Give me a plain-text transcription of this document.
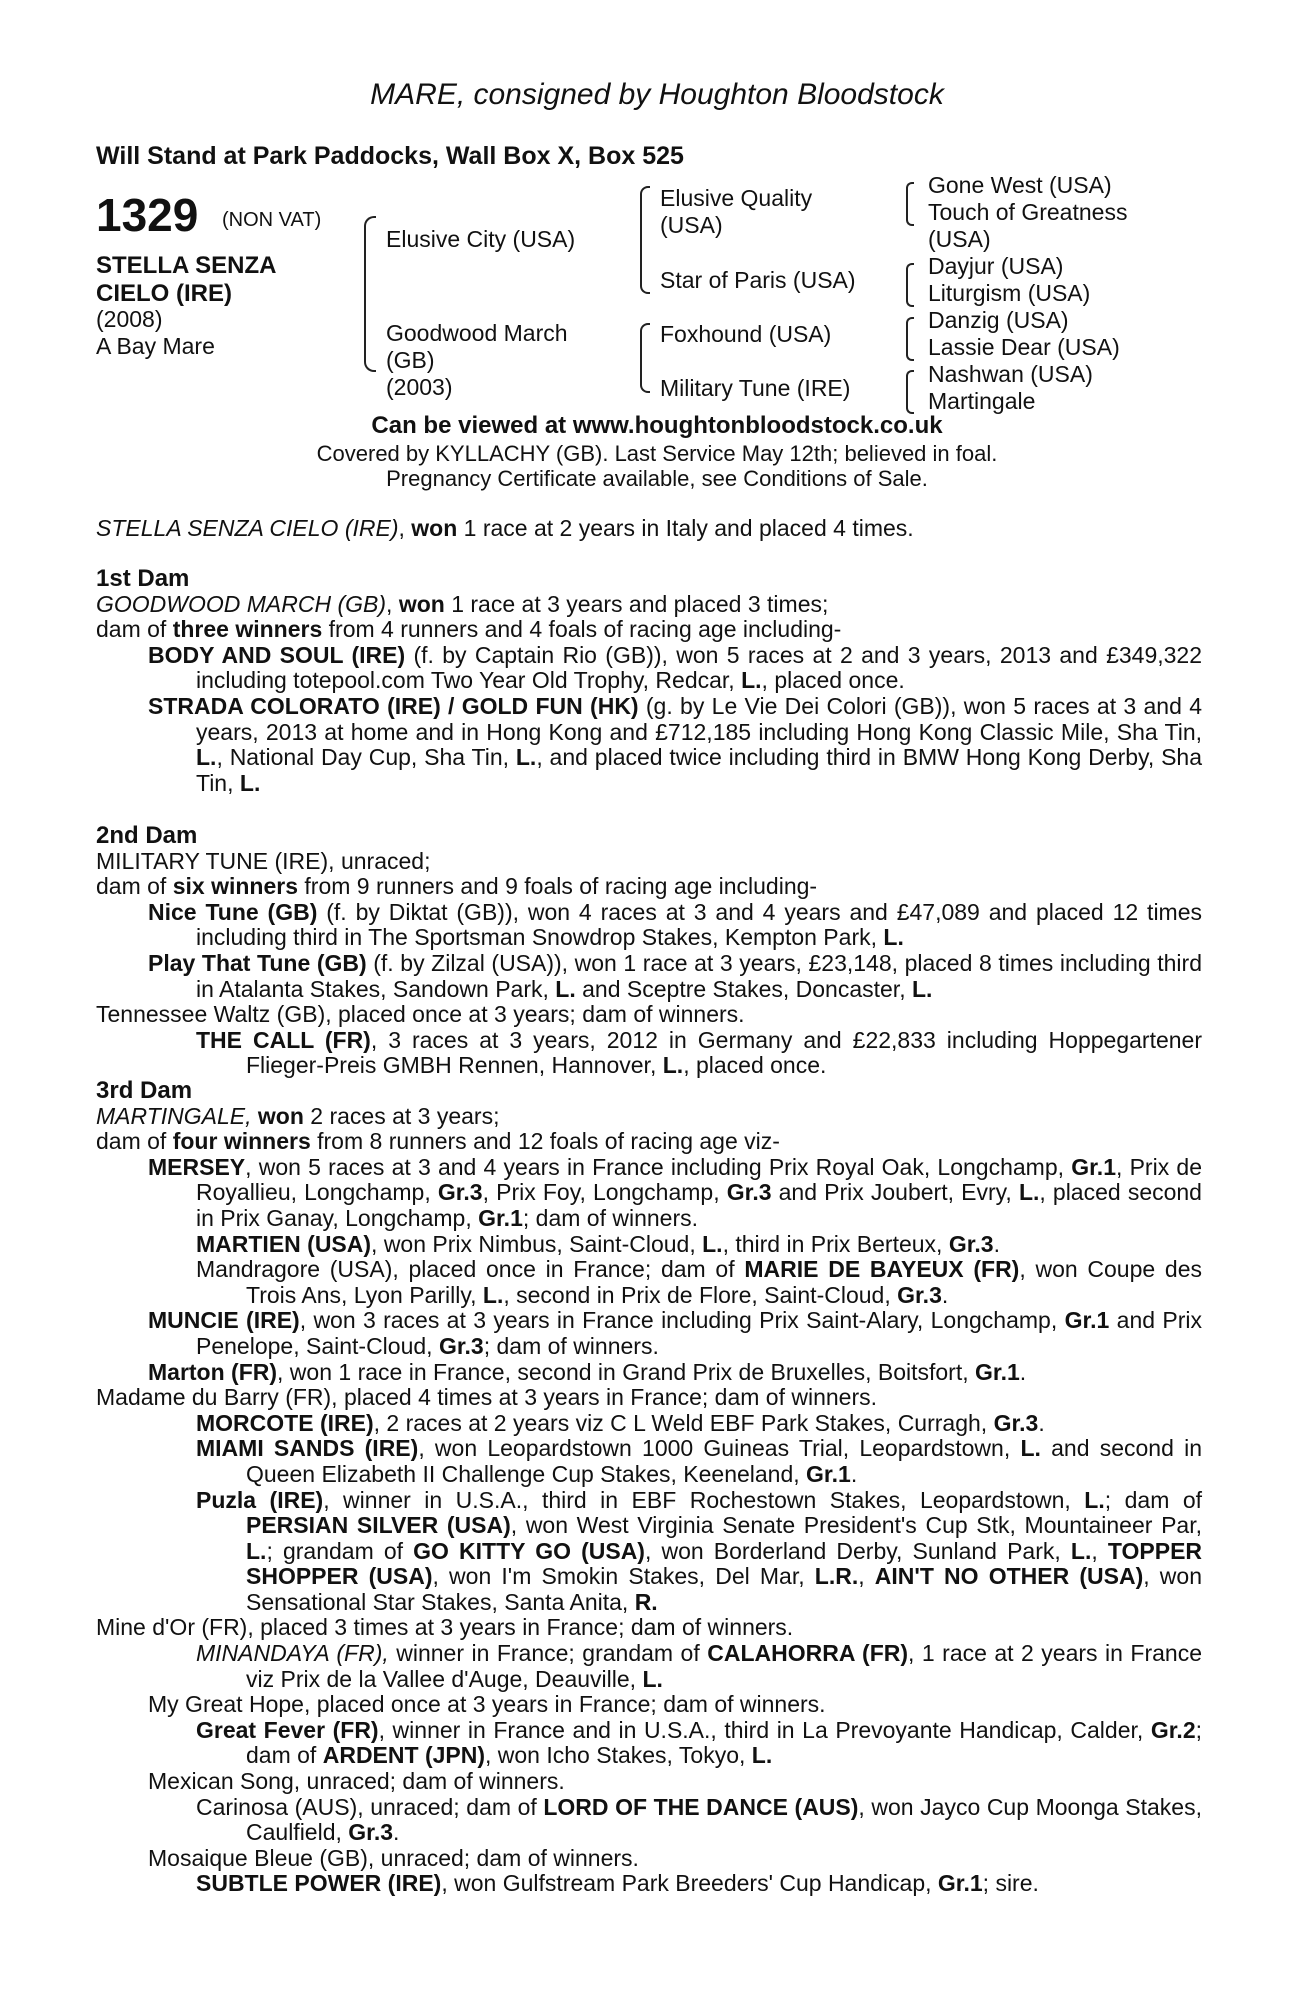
MARE, consigned by Houghton Bloodstock
Will Stand at Park Paddocks, Wall Box X, Box 525
1329 (NON VAT)
STELLA SENZA
CIELO (IRE)
(2008)
A Bay Mare
Elusive City (USA)
Goodwood March
(GB)
(2003)
Elusive Quality
(USA)
Star of Paris (USA)
Foxhound (USA)
Military Tune (IRE)
Gone West (USA)
Touch of Greatness
(USA)
Dayjur (USA)
Liturgism (USA)
Danzig (USA)
Lassie Dear (USA)
Nashwan (USA)
Martingale
Can be viewed at www.houghtonbloodstock.co.uk
Covered by KYLLACHY (GB). Last Service May 12th; believed in foal.
Pregnancy Certificate available, see Conditions of Sale.

STELLA SENZA CIELO (IRE), won 1 race at 2 years in Italy and placed 4 times.

1st Dam

GOODWOOD MARCH (GB), won 1 race at 3 years and placed 3 times;

dam of three winners from 4 runners and 4 foals of racing age including-

BODY AND SOUL (IRE) (f. by Captain Rio (GB)), won 5 races at 2 and 3 years, 2013 and £349,322 including totepool.com Two Year Old Trophy, Redcar, L., placed once.

STRADA COLORATO (IRE) / GOLD FUN (HK) (g. by Le Vie Dei Colori (GB)), won 5 races at 3 and 4 years, 2013 at home and in Hong Kong and £712,185 including Hong Kong Classic Mile, Sha Tin, L., National Day Cup, Sha Tin, L., and placed twice including third in BMW Hong Kong Derby, Sha Tin, L.

2nd Dam

MILITARY TUNE (IRE), unraced;

dam of six winners from 9 runners and 9 foals of racing age including-

Nice Tune (GB) (f. by Diktat (GB)), won 4 races at 3 and 4 years and £47,089 and placed 12 times including third in The Sportsman Snowdrop Stakes, Kempton Park, L.

Play That Tune (GB) (f. by Zilzal (USA)), won 1 race at 3 years, £23,148, placed 8 times including third in Atalanta Stakes, Sandown Park, L. and Sceptre Stakes, Doncaster, L.

Tennessee Waltz (GB), placed once at 3 years; dam of winners.

THE CALL (FR), 3 races at 3 years, 2012 in Germany and £22,833 including Hoppegartener Flieger-Preis GMBH Rennen, Hannover, L., placed once.

3rd Dam

MARTINGALE, won 2 races at 3 years;

dam of four winners from 8 runners and 12 foals of racing age viz-

MERSEY, won 5 races at 3 and 4 years in France including Prix Royal Oak, Longchamp, Gr.1, Prix de Royallieu, Longchamp, Gr.3, Prix Foy, Longchamp, Gr.3 and Prix Joubert, Evry, L., placed second in Prix Ganay, Longchamp, Gr.1; dam of winners.

MARTIEN (USA), won Prix Nimbus, Saint-Cloud, L., third in Prix Berteux, Gr.3.

Mandragore (USA), placed once in France; dam of MARIE DE BAYEUX (FR), won Coupe des Trois Ans, Lyon Parilly, L., second in Prix de Flore, Saint-Cloud, Gr.3.

MUNCIE (IRE), won 3 races at 3 years in France including Prix Saint-Alary, Longchamp, Gr.1 and Prix Penelope, Saint-Cloud, Gr.3; dam of winners.

Marton (FR), won 1 race in France, second in Grand Prix de Bruxelles, Boitsfort, Gr.1.

Madame du Barry (FR), placed 4 times at 3 years in France; dam of winners.

MORCOTE (IRE), 2 races at 2 years viz C L Weld EBF Park Stakes, Curragh, Gr.3.

MIAMI SANDS (IRE), won Leopardstown 1000 Guineas Trial, Leopardstown, L. and second in Queen Elizabeth II Challenge Cup Stakes, Keeneland, Gr.1.

Puzla (IRE), winner in U.S.A., third in EBF Rochestown Stakes, Leopardstown, L.; dam of PERSIAN SILVER (USA), won West Virginia Senate President's Cup Stk, Mountaineer Par, L.; grandam of GO KITTY GO (USA), won Borderland Derby, Sunland Park, L., TOPPER SHOPPER (USA), won I'm Smokin Stakes, Del Mar, L.R., AIN'T NO OTHER (USA), won Sensational Star Stakes, Santa Anita, R.

Mine d'Or (FR), placed 3 times at 3 years in France; dam of winners.

MINANDAYA (FR), winner in France; grandam of CALAHORRA (FR), 1 race at 2 years in France viz Prix de la Vallee d'Auge, Deauville, L.

My Great Hope, placed once at 3 years in France; dam of winners.

Great Fever (FR), winner in France and in U.S.A., third in La Prevoyante Handicap, Calder, Gr.2; dam of ARDENT (JPN), won Icho Stakes, Tokyo, L.

Mexican Song, unraced; dam of winners.

Carinosa (AUS), unraced; dam of LORD OF THE DANCE (AUS), won Jayco Cup Moonga Stakes, Caulfield, Gr.3.

Mosaique Bleue (GB), unraced; dam of winners.

SUBTLE POWER (IRE), won Gulfstream Park Breeders' Cup Handicap, Gr.1; sire.
